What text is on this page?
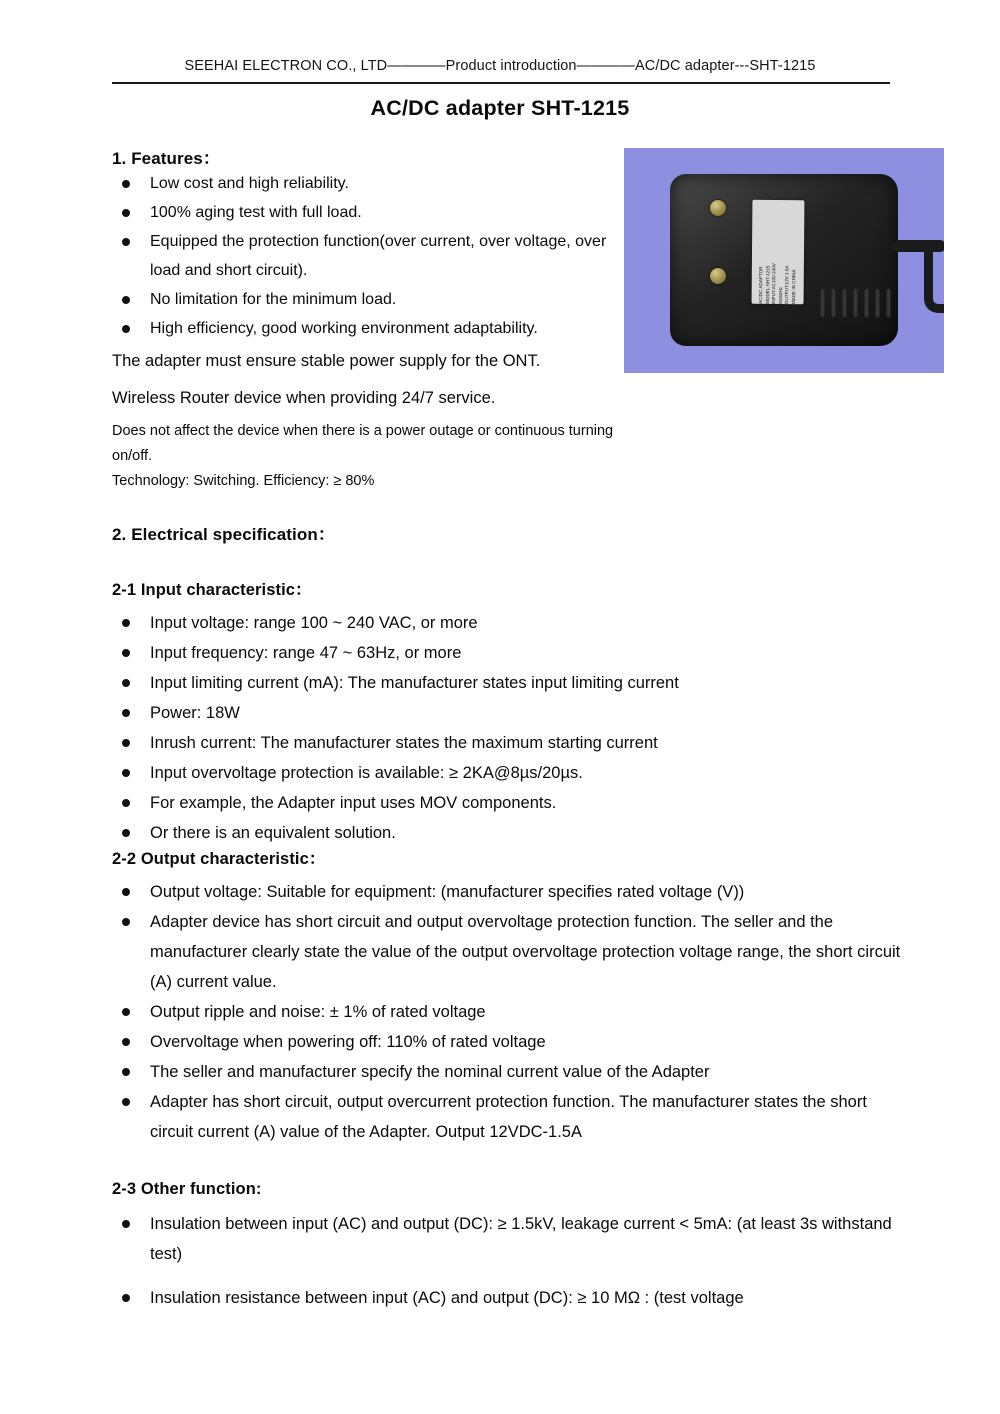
SEEHAI ELECTRON CO., LTD————Product introduction————AC/DC adapter---SHT-1215
AC/DC adapter SHT-1215
1. Features：
Low cost and high reliability.
100% aging test with full load.
Equipped the protection function(over current, over voltage, over load and short circuit).
No limitation for the minimum load.
High efficiency, good working environment adaptability.

The adapter must ensure stable power supply for the ONT.

Wireless Router device when providing 24/7 service.

Does not affect the device when there is a power outage or continuous turning on/off.

Technology: Switching. Efficiency: ≥ 80%

AC/DC ADAPTOR MODEL:SHT-1215 INPUT:AC100-240V 50/60Hz OUTPUT:12V 1.5A MADE IN CHINA
2. Electrical specification：
2-1 Input characteristic：
Input voltage: range 100 ~ 240 VAC, or more
Input frequency: range 47 ~ 63Hz, or more
Input limiting current (mA): The manufacturer states input limiting current
Power: 18W
Inrush current: The manufacturer states the maximum starting current
Input overvoltage protection is available: ≥ 2KA@8µs/20µs.
For example, the Adapter input uses MOV components.
Or there is an equivalent solution.
2-2 Output characteristic：
Output voltage: Suitable for equipment: (manufacturer specifies rated voltage (V))
Adapter device has short circuit and output overvoltage protection function. The seller and the manufacturer clearly state the value of the output overvoltage protection voltage range, the short circuit (A) current value.
Output ripple and noise: ± 1% of rated voltage
Overvoltage when powering off: 110% of rated voltage
The seller and manufacturer specify the nominal current value of the Adapter
Adapter has short circuit, output overcurrent protection function. The manufacturer states the short circuit current (A) value of the Adapter. Output 12VDC-1.5A
2-3 Other function:
Insulation between input (AC) and output (DC): ≥ 1.5kV, leakage current < 5mA: (at least 3s withstand test)
Insulation resistance between input (AC) and output (DC): ≥ 10 MΩ : (test voltage
